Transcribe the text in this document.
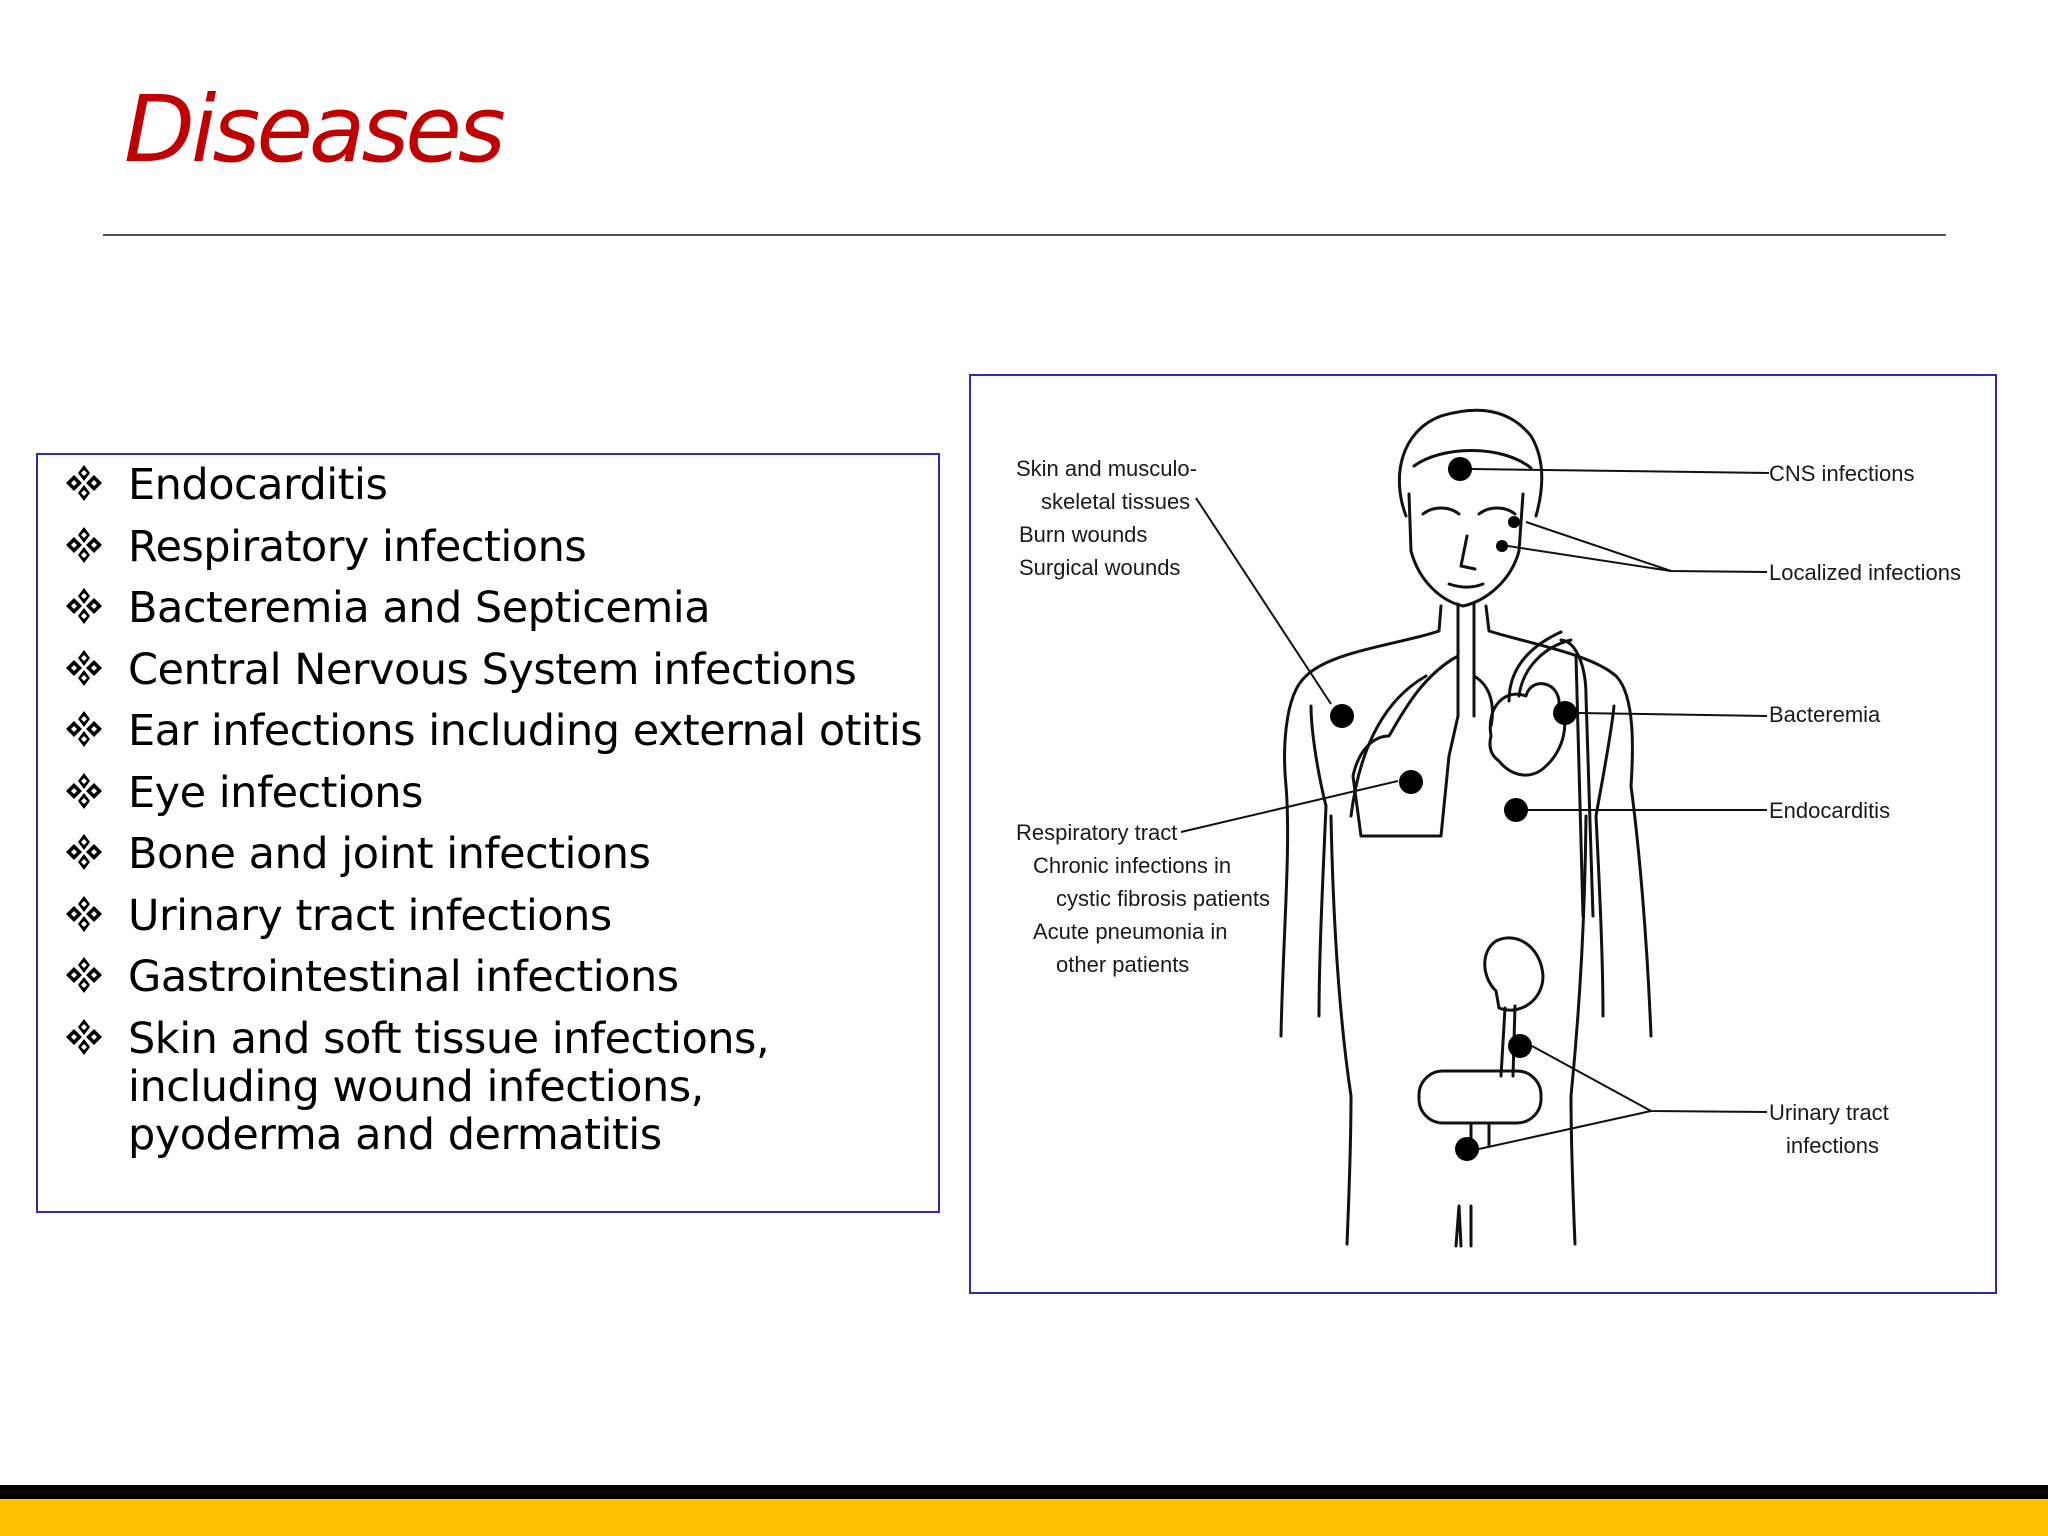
Diseases
Endocarditis
Respiratory infections
Bacteremia and Septicemia
Central Nervous System infections
Ear infections including external otitis
Eye infections
Bone and joint infections
Urinary tract infections
Gastrointestinal infections
Skin and soft tissue infections, including wound infections, pyoderma and dermatitis
Skin and musculo-
skeletal tissues
Burn wounds
Surgical wounds
CNS infections
Localized infections
Bacteremia
Endocarditis
Respiratory tract
Chronic infections in
cystic fibrosis patients
Acute pneumonia in
other patients
Urinary tract
infections
